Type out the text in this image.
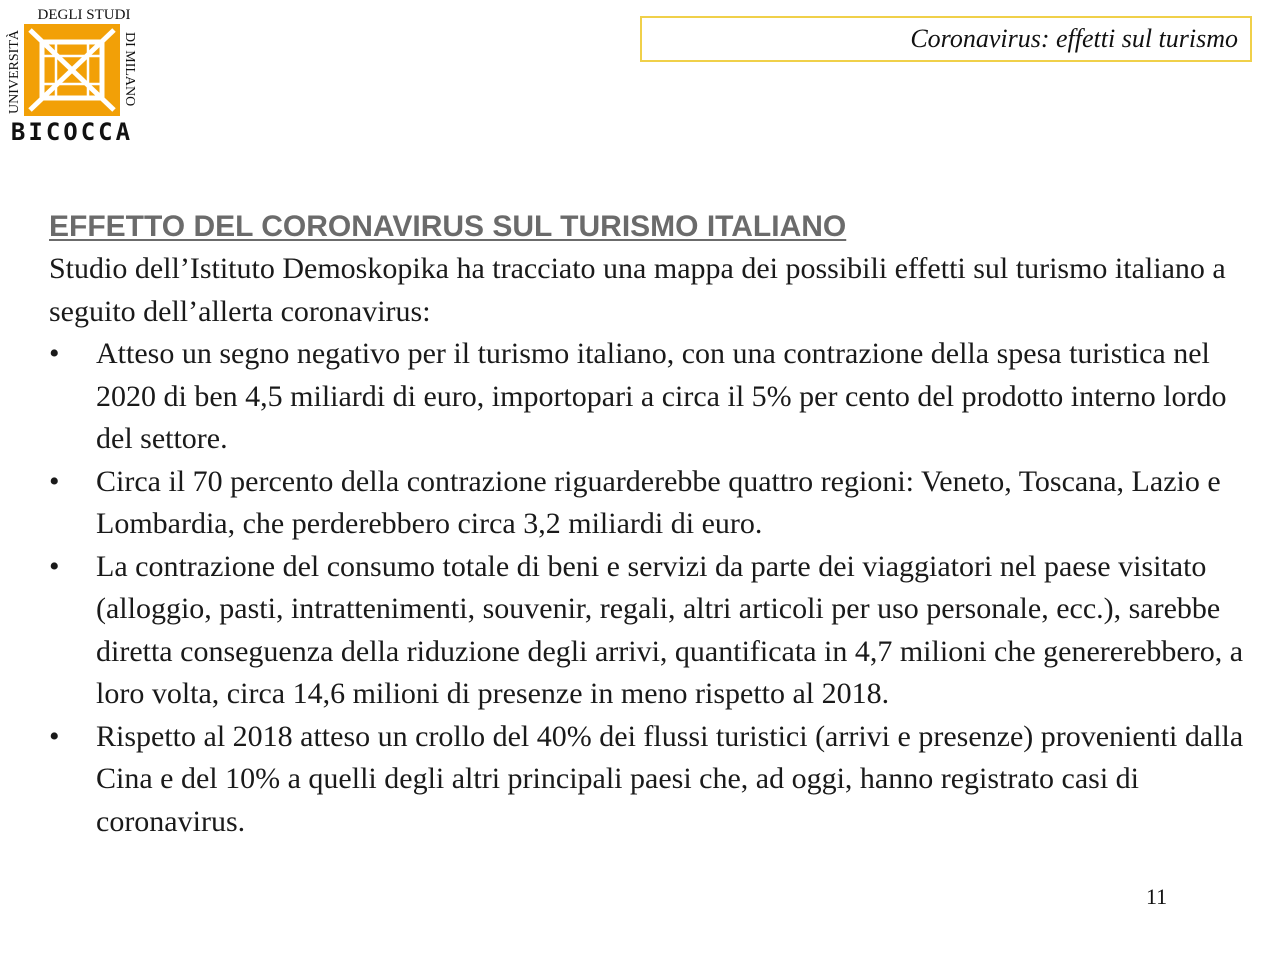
DEGLI STUDI
UNIVERSITÀ	DI MILANO
BICOCCA
Coronavirus: effetti sul turismo

EFFETTO DEL CORONAVIRUS SUL TURISMO ITALIANO

Studio dell’Istituto Demoskopika ha tracciato una mappa dei possibili effetti sul turismo italiano a seguito dell’allerta coronavirus:

• Atteso un segno negativo per il turismo italiano, con una contrazione della spesa turistica nel 2020 di ben 4,5 miliardi di euro, importopari a circa il 5% per cento del prodotto interno lordo del settore.
• Circa il 70 percento della contrazione riguarderebbe quattro regioni: Veneto, Toscana, Lazio e Lombardia, che perderebbero circa 3,2 miliardi di euro.
• La contrazione del consumo totale di beni e servizi da parte dei viaggiatori nel paese visitato (alloggio, pasti, intrattenimenti, souvenir, regali, altri articoli per uso personale, ecc.), sarebbe diretta conseguenza della riduzione degli arrivi, quantificata in 4,7 milioni che genererebbero, a loro volta, circa 14,6 milioni di presenze in meno rispetto al 2018.
• Rispetto al 2018 atteso un crollo del 40% dei flussi turistici (arrivi e presenze) provenienti dalla Cina e del 10% a quelli degli altri principali paesi che, ad oggi, hanno registrato casi di coronavirus.
11
